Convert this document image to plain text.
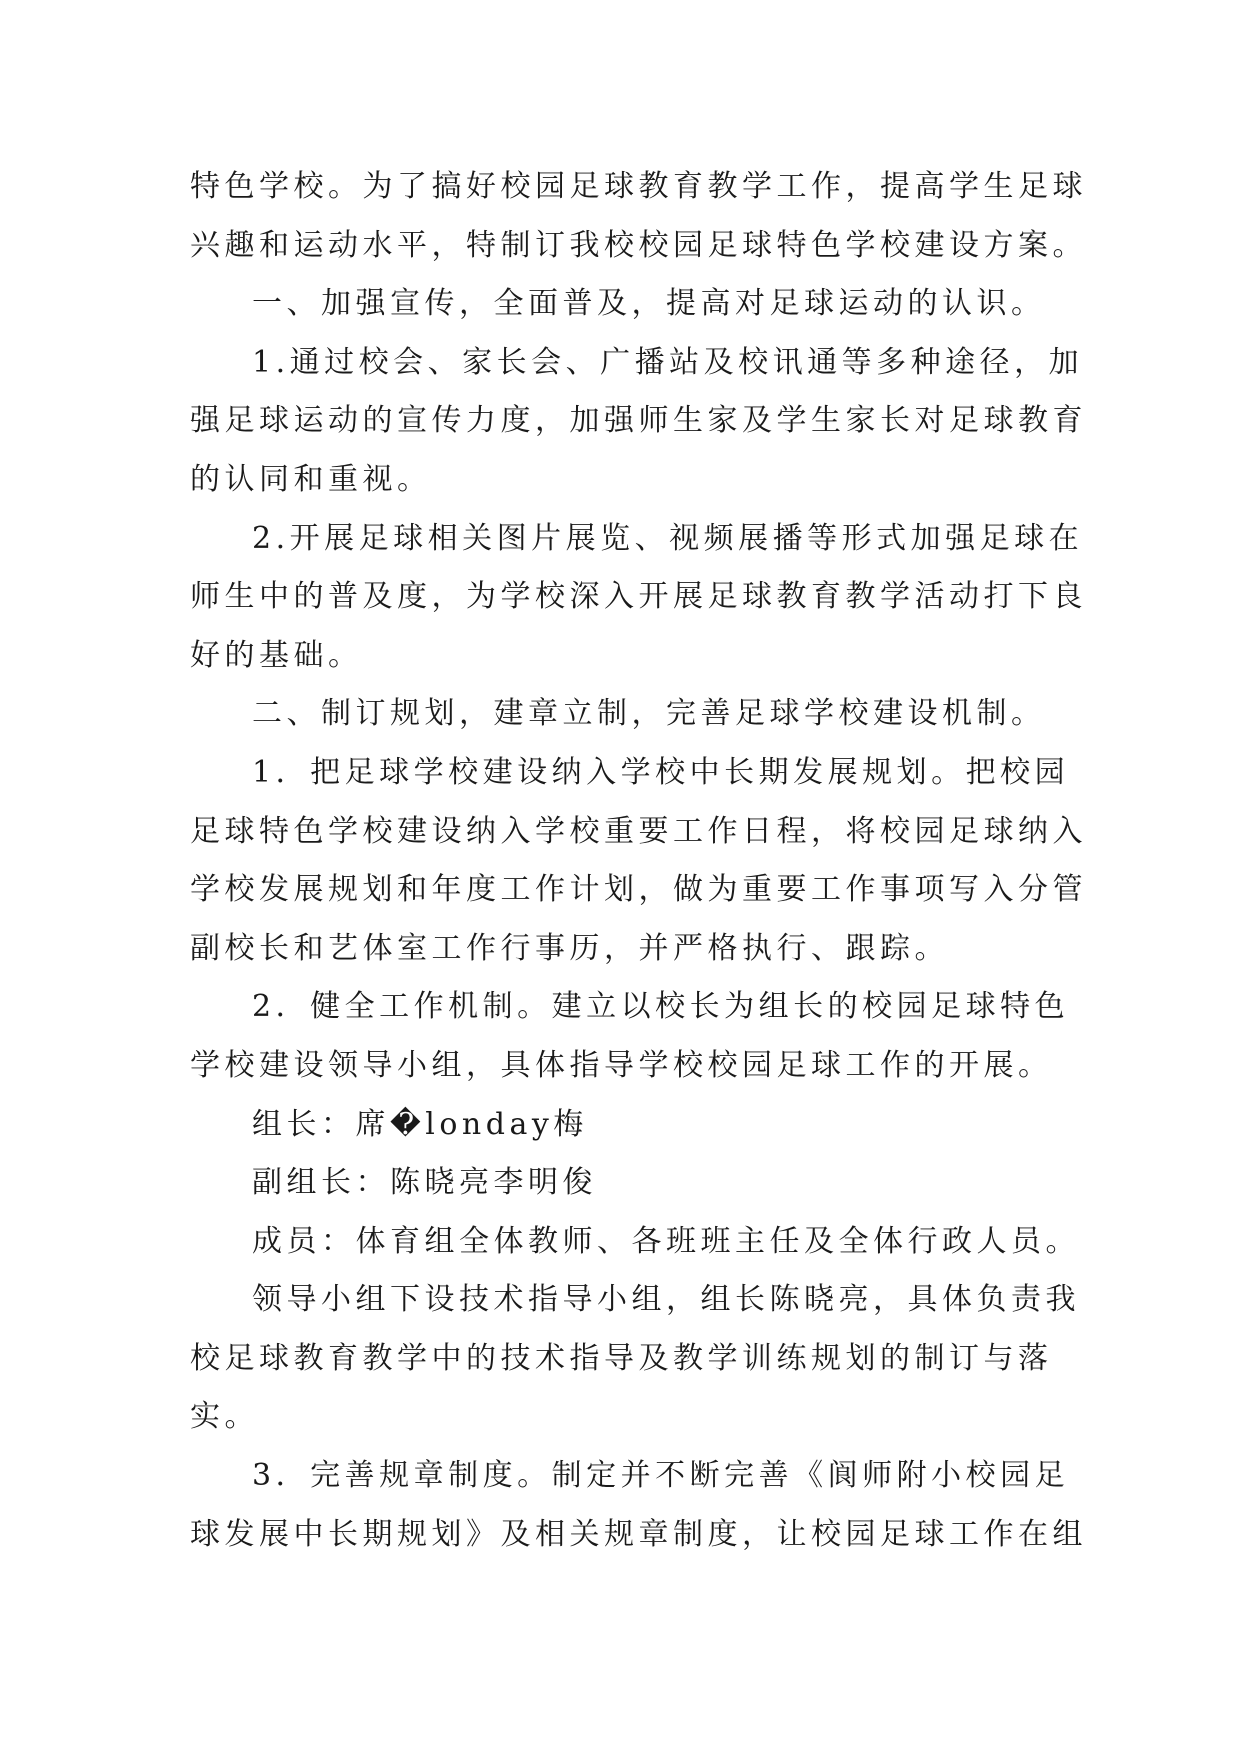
特色学校。为了搞好校园足球教育教学工作，提高学生足球
兴趣和运动水平，特制订我校校园足球特色学校建设方案。
一、加强宣传，全面普及，提高对足球运动的认识。
1.通过校会、家长会、广播站及校讯通等多种途径，加
强足球运动的宣传力度，加强师生家及学生家长对足球教育
的认同和重视。
2.开展足球相关图片展览、视频展播等形式加强足球在
师生中的普及度，为学校深入开展足球教育教学活动打下良
好的基础。
二、制订规划，建章立制，完善足球学校建设机制。
1．把足球学校建设纳入学校中长期发展规划。把校园
足球特色学校建设纳入学校重要工作日程，将校园足球纳入
学校发展规划和年度工作计划，做为重要工作事项写入分管
副校长和艺体室工作行事历，并严格执行、跟踪。
2．健全工作机制。建立以校长为组长的校园足球特色
学校建设领导小组，具体指导学校校园足球工作的开展。
组长：席�londay梅
副组长：陈晓亮李明俊
成员：体育组全体教师、各班班主任及全体行政人员。
领导小组下设技术指导小组，组长陈晓亮，具体负责我
校足球教育教学中的技术指导及教学训练规划的制订与落
实。
3．完善规章制度。制定并不断完善《阆师附小校园足
球发展中长期规划》及相关规章制度，让校园足球工作在组
